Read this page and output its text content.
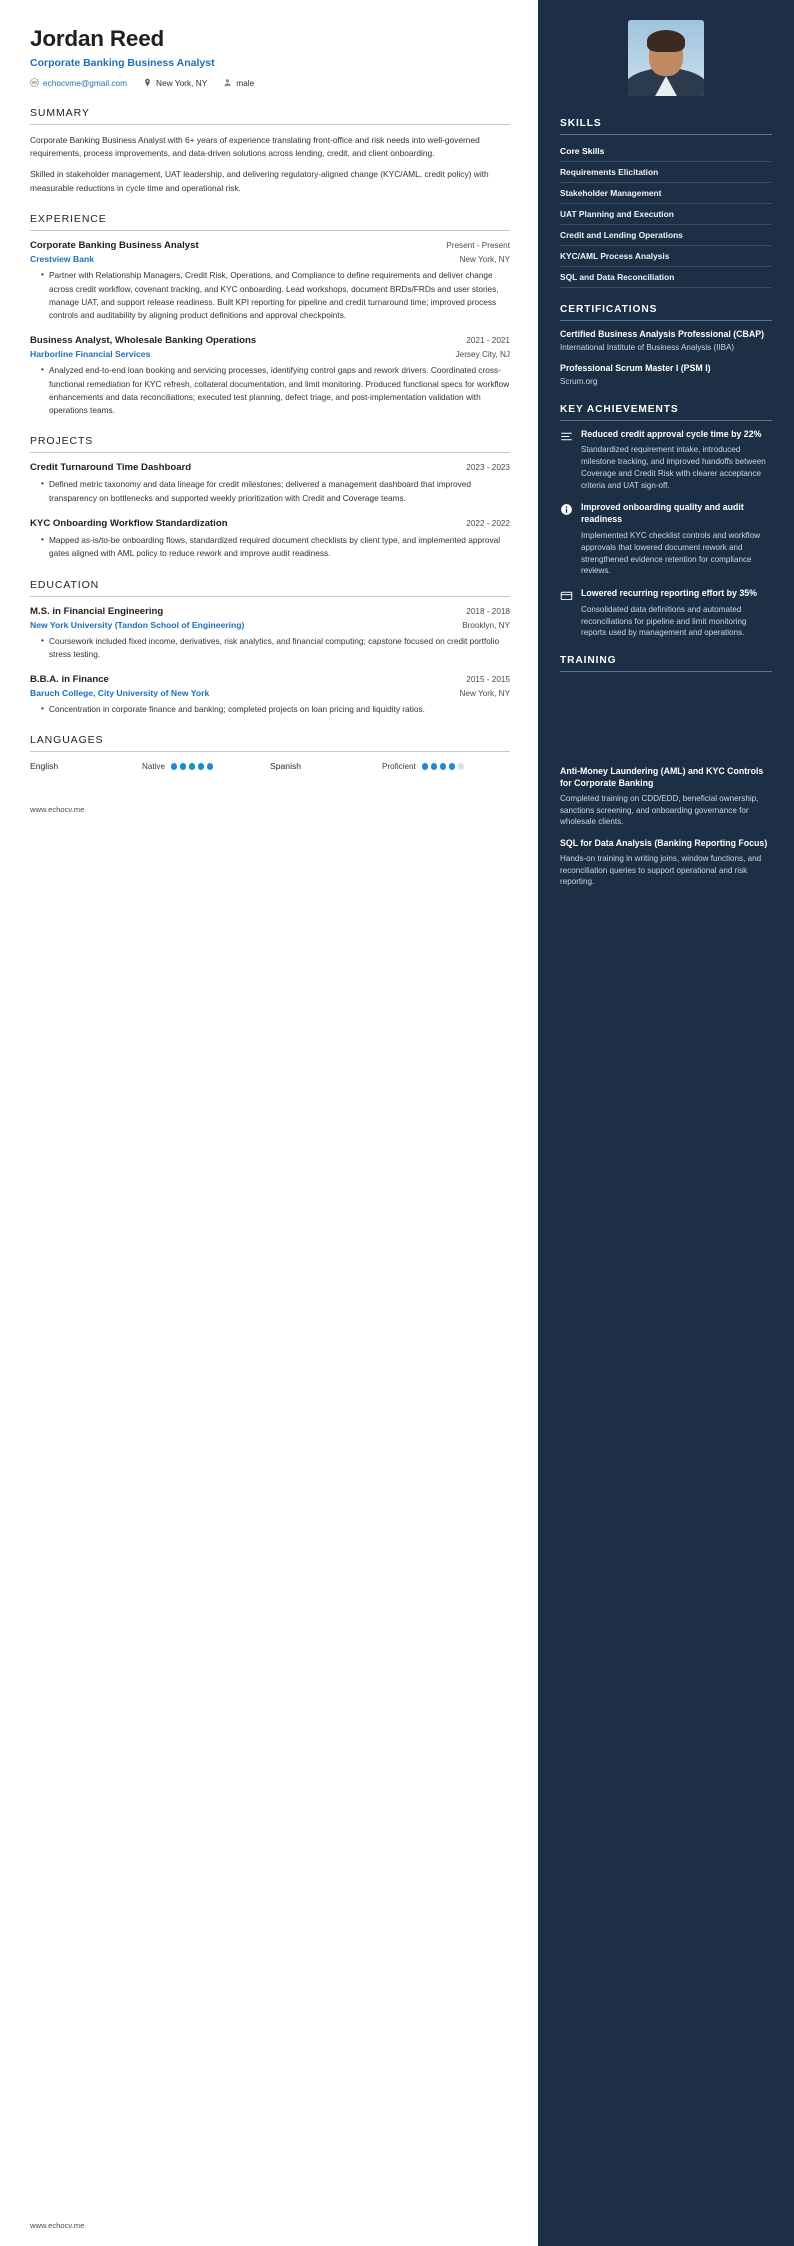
Jordan Reed
Corporate Banking Business Analyst
echocvme@gmail.com	New York, NY	male
SUMMARY

Corporate Banking Business Analyst with 6+ years of experience translating front-office and risk needs into well-governed requirements, process improvements, and data-driven solutions across lending, credit, and client onboarding.

Skilled in stakeholder management, UAT leadership, and delivering regulatory-aligned change (KYC/AML, credit policy) with measurable reductions in cycle time and operational risk.

EXPERIENCE
Corporate Banking Business Analyst	Present - Present
Crestview Bank	New York, NY
• Partner with Relationship Managers, Credit Risk, Operations, and Compliance to define requirements and deliver change across credit workflow, covenant tracking, and KYC onboarding. Lead workshops, document BRDs/FRDs and user stories, manage UAT, and support release readiness. Built KPI reporting for pipeline and credit turnaround time; improved process controls and auditability by aligning product definitions and approval checkpoints.
Business Analyst, Wholesale Banking Operations	2021 - 2021
Harborline Financial Services	Jersey City, NJ
• Analyzed end-to-end loan booking and servicing processes, identifying control gaps and rework drivers. Coordinated cross-functional remediation for KYC refresh, collateral documentation, and limit monitoring. Produced functional specs for workflow enhancements and data reconciliations; executed test planning, defect triage, and post-implementation validation with operations teams.
PROJECTS
Credit Turnaround Time Dashboard	2023 - 2023
• Defined metric taxonomy and data lineage for credit milestones; delivered a management dashboard that improved transparency on bottlenecks and supported weekly prioritization with Credit and Coverage teams.
KYC Onboarding Workflow Standardization	2022 - 2022
• Mapped as-is/to-be onboarding flows, standardized required document checklists by client type, and implemented approval gates aligned with AML policy to reduce rework and improve audit readiness.
EDUCATION
M.S. in Financial Engineering	2018 - 2018
New York University (Tandon School of Engineering)	Brooklyn, NY
• Coursework included fixed income, derivatives, risk analytics, and financial computing; capstone focused on credit portfolio stress testing.
B.B.A. in Finance	2015 - 2015
Baruch College, City University of New York	New York, NY
• Concentration in corporate finance and banking; completed projects on loan pricing and liquidity ratios.
LANGUAGES
English	Native	Spanish	Proficient
www.echocv.me
www.echocv.me
SKILLS
Core Skills
Requirements Elicitation
Stakeholder Management
UAT Planning and Execution
Credit and Lending Operations
KYC/AML Process Analysis
SQL and Data Reconciliation
CERTIFICATIONS
Certified Business Analysis Professional (CBAP)
International Institute of Business Analysis (IIBA)
Professional Scrum Master I (PSM I)
Scrum.org
KEY ACHIEVEMENTS
Reduced credit approval cycle time by 22%
Standardized requirement intake, introduced milestone tracking, and improved handoffs between Coverage and Credit Risk with clearer acceptance criteria and UAT sign-off.
Improved onboarding quality and audit readiness
Implemented KYC checklist controls and workflow approvals that lowered document rework and strengthened evidence retention for compliance reviews.
Lowered recurring reporting effort by 35%
Consolidated data definitions and automated reconciliations for pipeline and limit monitoring reports used by management and operations.
TRAINING
Anti-Money Laundering (AML) and KYC Controls for Corporate Banking
Completed training on CDD/EDD, beneficial ownership, sanctions screening, and onboarding governance for wholesale clients.
SQL for Data Analysis (Banking Reporting Focus)
Hands-on training in writing joins, window functions, and reconciliation queries to support operational and risk reporting.
